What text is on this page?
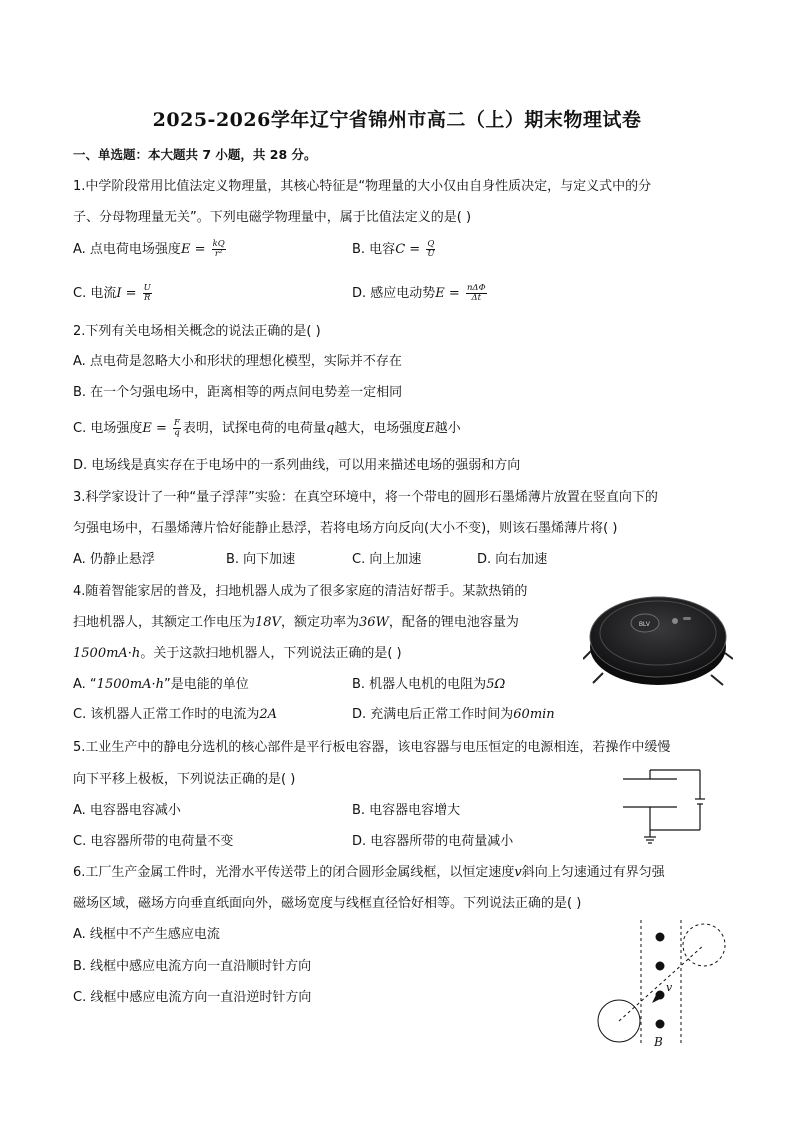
2025-2026学年辽宁省锦州市高二（上）期末物理试卷
一、单选题：本大题共 7 小题，共 28 分。
1.中学阶段常用比值法定义物理量，其核心特征是“物理量的大小仅由自身性质决定，与定义式中的分
子、分母物理量无关”。下列电磁学物理量中，属于比值法定义的是( )
A. 点电荷电场强度$E = \frac{kQ}{\text{r²}}$	B. 电容$C = \frac{Q}{U}$
C. 电流$I = \frac{U}{R}$	D. 感应电动势$E = \frac{\text{nΔΦ}}{\Delta t}$
2.下列有关电场相关概念的说法正确的是( )
A. 点电荷是忽略大小和形状的理想化模型，实际并不存在
B. 在一个匀强电场中，距离相等的两点间电势差一定相同
C. 电场强度$E = \frac{F}{q}$ 表明，试探电荷的电荷量q越大，电场强度E越小
D. 电场线是真实存在于电场中的一系列曲线，可以用来描述电场的强弱和方向
3.科学家设计了一种“量子浮萍”实验：在真空环境中，将一个带电的圆形石墨烯薄片放置在竖直向下的
匀强电场中，石墨烯薄片恰好能静止悬浮，若将电场方向反向(大小不变)，则该石墨烯薄片将( )
A. 仍静止悬浮	B. 向下加速	C. 向上加速	D. 向右加速
4.随着智能家居的普及，扫地机器人成为了很多家庭的清洁好帮手。某款热销的
扫地机器人，其额定工作电压为18V，额定功率为36W，配备的锂电池容量为
1500mA·h。关于这款扫地机器人，下列说法正确的是( )
A. “1500mA·h”是电能的单位	B. 机器人电机的电阻为5Ω
C. 该机器人正常工作时的电流为2A	D. 充满电后正常工作时间为60min
BLV
5.工业生产中的静电分选机的核心部件是平行板电容器，该电容器与电压恒定的电源相连，若操作中缓慢
向下平移上极板，下列说法正确的是( )
A. 电容器电容减小	B. 电容器电容增大
C. 电容器所带的电荷量不变	D. 电容器所带的电荷量减小
6.工厂生产金属工件时，光滑水平传送带上的闭合圆形金属线框，以恒定速度v斜向上匀速通过有界匀强
磁场区域，磁场方向垂直纸面向外，磁场宽度与线框直径恰好相等。下列说法正确的是( )
A. 线框中不产生感应电流
B. 线框中感应电流方向一直沿顺时针方向
C. 线框中感应电流方向一直沿逆时针方向
v
B
